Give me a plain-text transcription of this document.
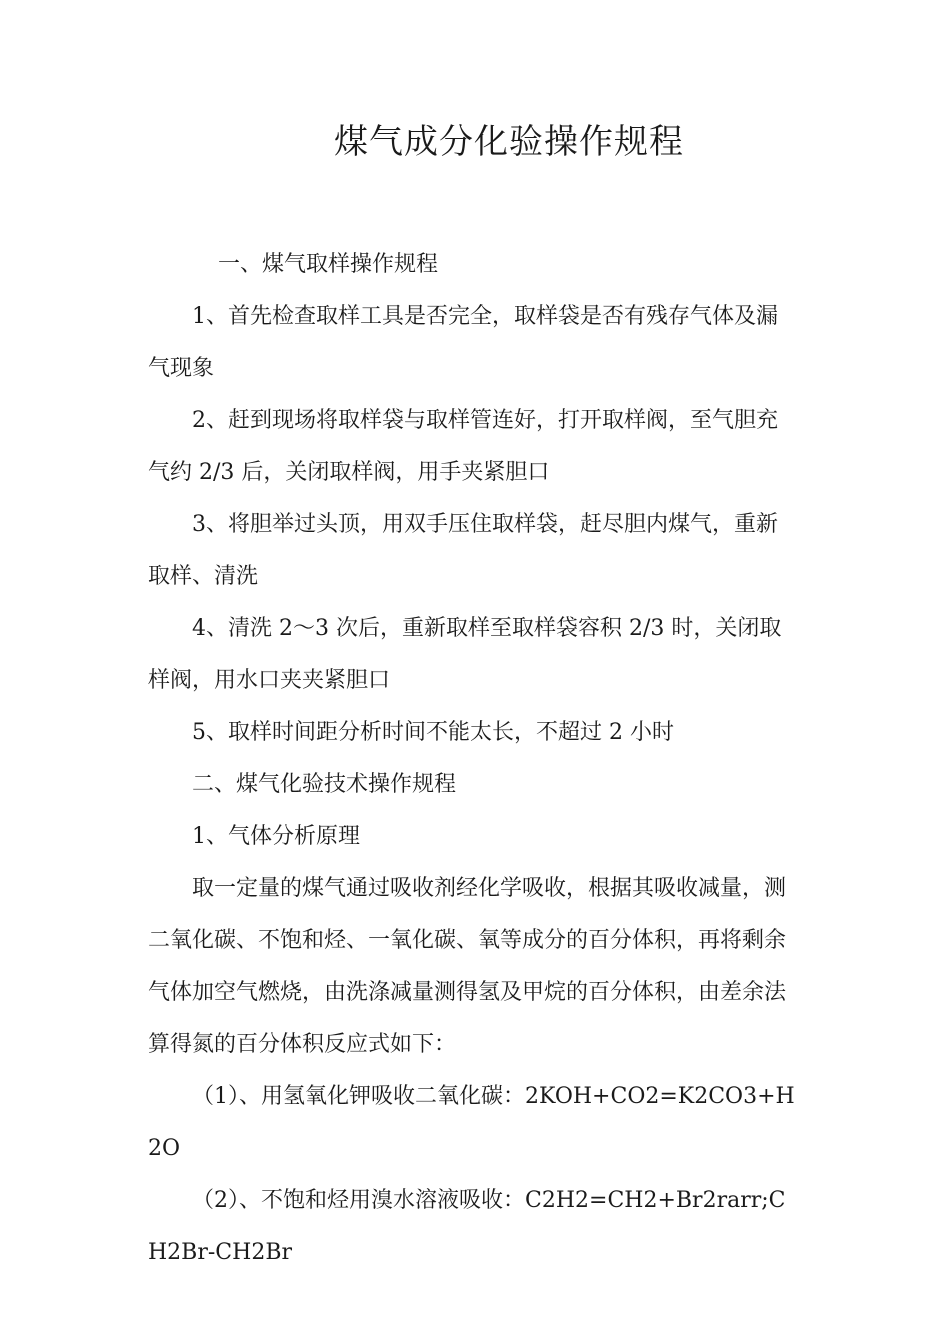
煤气成分化验操作规程

一、煤气取样操作规程

1、首先检查取样工具是否完全，取样袋是否有残存气体及漏气现象

2、赶到现场将取样袋与取样管连好，打开取样阀，至气胆充气约 2/3 后，关闭取样阀，用手夹紧胆口

3、将胆举过头顶，用双手压住取样袋，赶尽胆内煤气，重新取样、清洗

4、清洗 2～3 次后，重新取样至取样袋容积 2/3 时，关闭取样阀，用水口夹夹紧胆口

5、取样时间距分析时间不能太长，不超过 2 小时

二、煤气化验技术操作规程

1、气体分析原理

取一定量的煤气通过吸收剂经化学吸收，根据其吸收减量，测二氧化碳、不饱和烃、一氧化碳、氧等成分的百分体积，再将剩余气体加空气燃烧，由洗涤减量测得氢及甲烷的百分体积，由差余法算得氮的百分体积反应式如下：

（1）、用氢氧化钾吸收二氧化碳：2KOH+CO2=K2CO3+H2O

（2）、不饱和烃用溴水溶液吸收：C2H2=CH2+Br2rarr;CH2Br-CH2Br
